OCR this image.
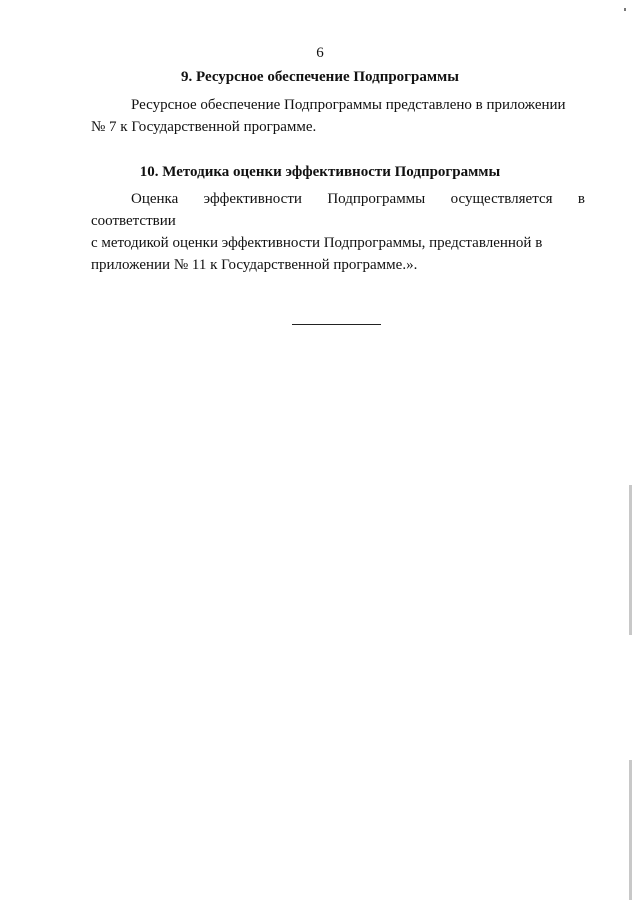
6
9. Ресурсное обеспечение Подпрограммы
Ресурсное обеспечение Подпрограммы представлено в приложении
№ 7 к Государственной программе.
10. Методика оценки эффективности Подпрограммы
Оценка эффективности Подпрограммы осуществляется в соответствии
с методикой оценки эффективности Подпрограммы, представленной в
приложении № 11 к Государственной программе.».
